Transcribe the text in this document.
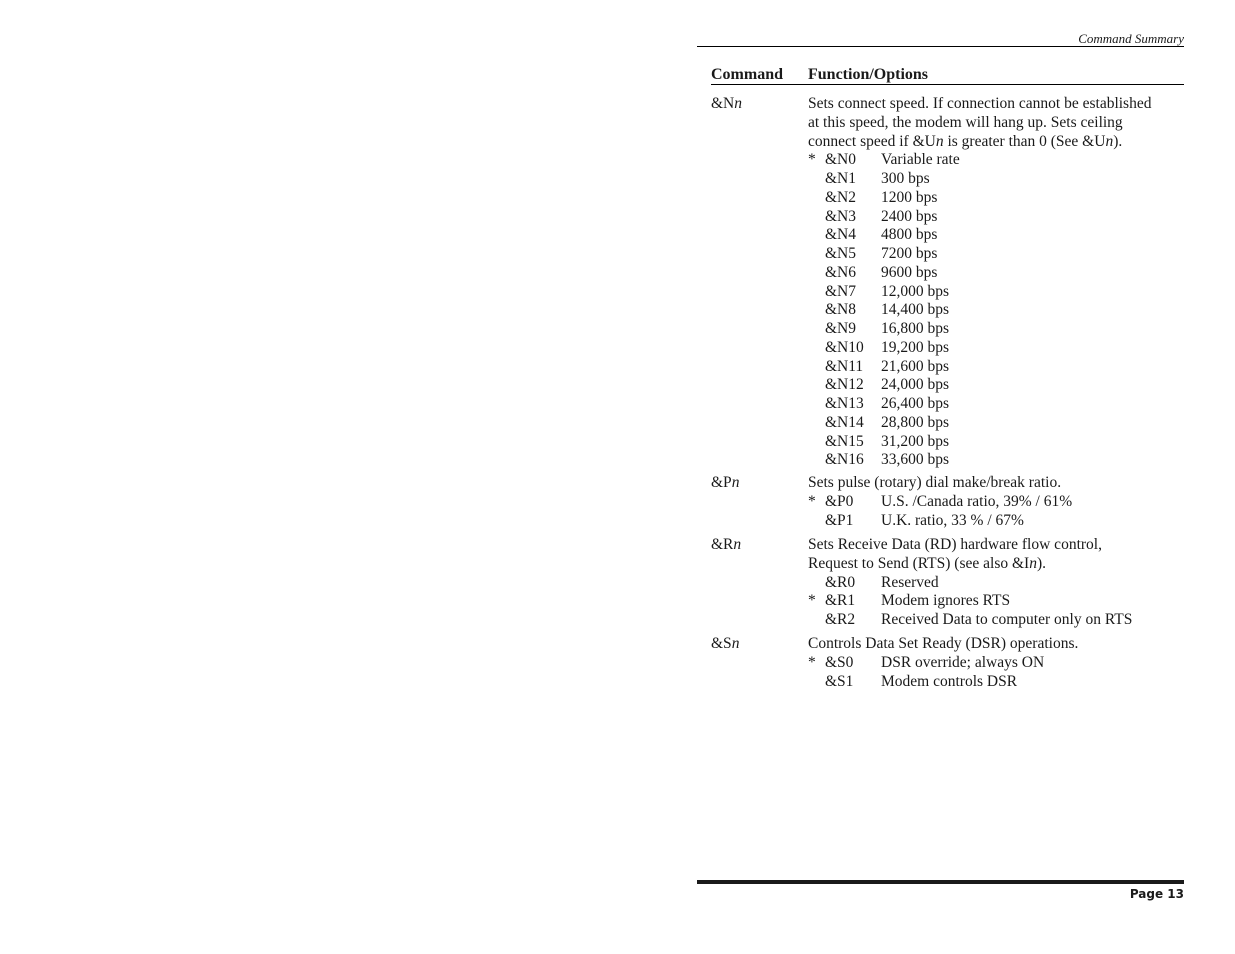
Command Summary
Command Function/Options
&Nn	Sets connect speed. If connection cannot be established
at this speed, the modem will hang up. Sets ceiling
connect speed if &Un is greater than 0 (See &Un).
* &N0 Variable rate
&N1 300 bps
&N2 1200 bps
&N3 2400 bps
&N4 4800 bps
&N5 7200 bps
&N6 9600 bps
&N7 12,000 bps
&N8 14,400 bps
&N9 16,800 bps
&N10 19,200 bps
&N11 21,600 bps
&N12 24,000 bps
&N13 26,400 bps
&N14 28,800 bps
&N15 31,200 bps
&N16 33,600 bps
&Pn	Sets pulse (rotary) dial make/break ratio.
* &P0 U.S. /Canada ratio, 39% / 61%
&P1 U.K. ratio, 33 % / 67%
&Rn	Sets Receive Data (RD) hardware flow control,
Request to Send (RTS) (see also &In).
&R0 Reserved
* &R1 Modem ignores RTS
&R2 Received Data to computer only on RTS
&Sn	Controls Data Set Ready (DSR) operations.
* &S0 DSR override; always ON
&S1 Modem controls DSR
Page 13
